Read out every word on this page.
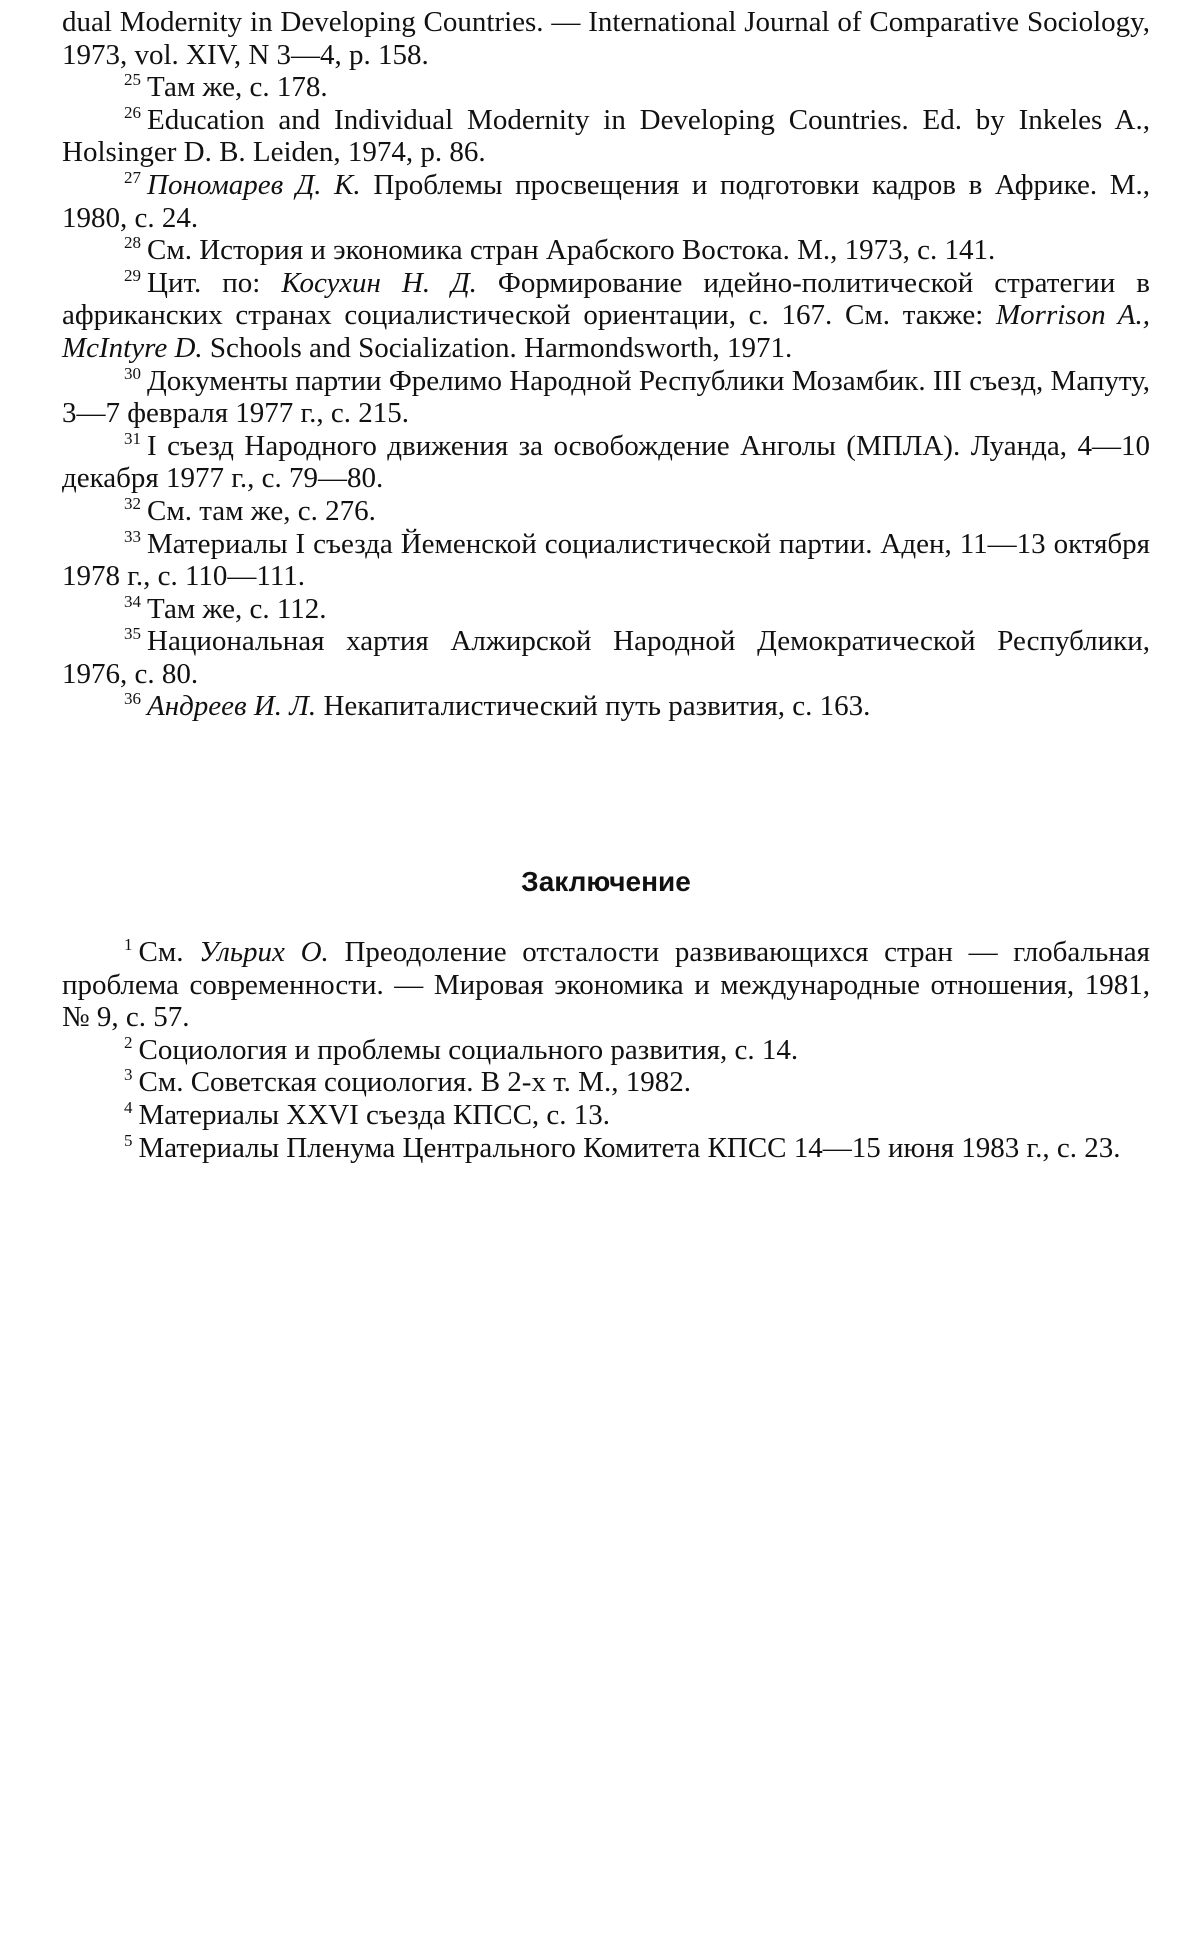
dual Modernity in Developing Countries. — International Journal of Comparative Sociology, 1973, vol. XIV, N 3—4, p. 158.

$^{25}$ Там же, с. 178.

$^{26}$ Education and Individual Modernity in Developing Countries. Ed. by Inkeles A., Holsinger D. B. Leiden, 1974, p. 86.

$^{27}$ Пономарев Д. К. Проблемы просвещения и подготовки кадров в Африке. М., 1980, с. 24.

$^{28}$ См. История и экономика стран Арабского Востока. М., 1973, с. 141.

$^{29}$ Цит. по: Косухин Н. Д. Формирование идейно-политической стратегии в африканских странах социалистической ориентации, с. 167. См. также: Morrison A., McIntyre D. Schools and Socialization. Harmondsworth, 1971.

$^{30}$ Документы партии Фрелимо Народной Республики Мозамбик. III съезд, Мапуту, 3—7 февраля 1977 г., с. 215.

$^{31}$ I съезд Народного движения за освобождение Анголы (МПЛА). Луанда, 4—10 декабря 1977 г., с. 79—80.

$^{32}$ См. там же, с. 276.

$^{33}$ Материалы I съезда Йеменской социалистической партии. Аден, 11—13 октября 1978 г., с. 110—111.

$^{34}$ Там же, с. 112.

$^{35}$ Национальная хартия Алжирской Народной Демократической Республики, 1976, с. 80.

$^{36}$ Андреев И. Л. Некапиталистический путь развития, с. 163.

Заключение

$^1$ См. Ульрих О. Преодоление отсталости развивающихся стран — глобальная проблема современности. — Мировая экономика и международные отношения, 1981, № 9, с. 57.

$^2$ Социология и проблемы социального развития, с. 14.

$^3$ См. Советская социология. В 2-х т. М., 1982.

$^4$ Материалы XXVI съезда КПСС, с. 13.

$^5$ Материалы Пленума Центрального Комитета КПСС 14—15 июня 1983 г., с. 23.
